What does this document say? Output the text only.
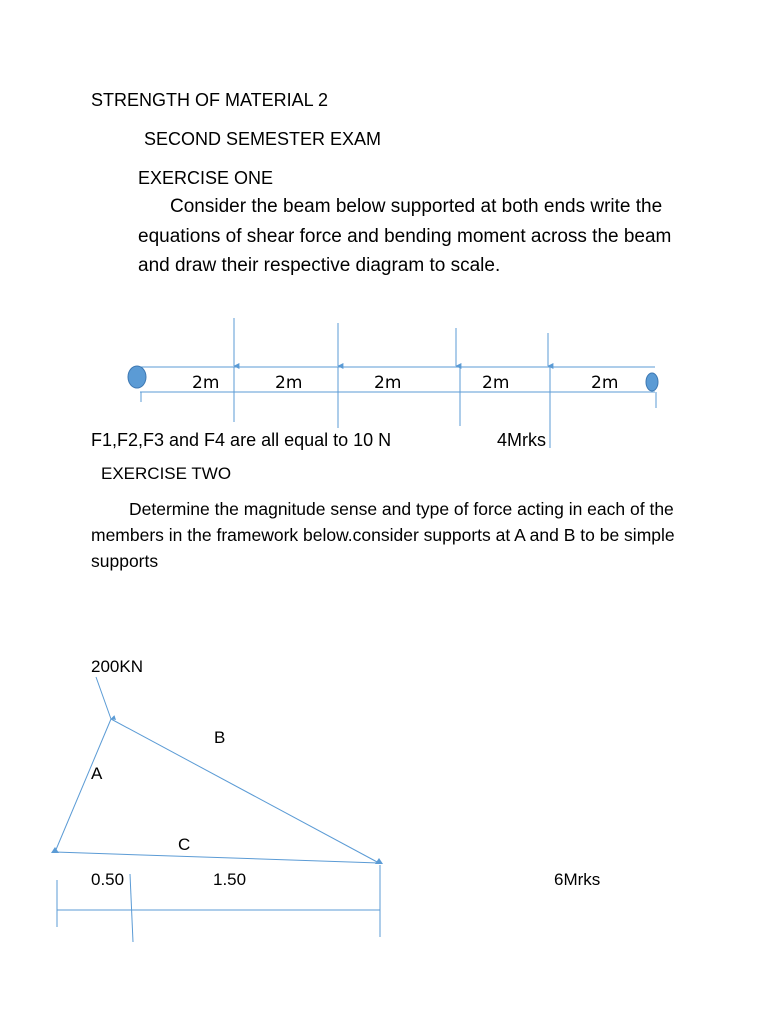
STRENGTH OF MATERIAL 2
SECOND SEMESTER EXAM
EXERCISE ONE
Consider the beam below supported at both ends write the equations of shear force and bending moment across the beam and draw their respective diagram to scale.
2m	2m	2m	2m	2m
F1,F2,F3 and F4 are all equal to 10 N	4Mrks
EXERCISE TWO
Determine the magnitude sense and type of force acting in each of the members in the framework below.consider supports at A and B to be simple supports
200KN
B
A
C
0.50	1.50	6Mrks
